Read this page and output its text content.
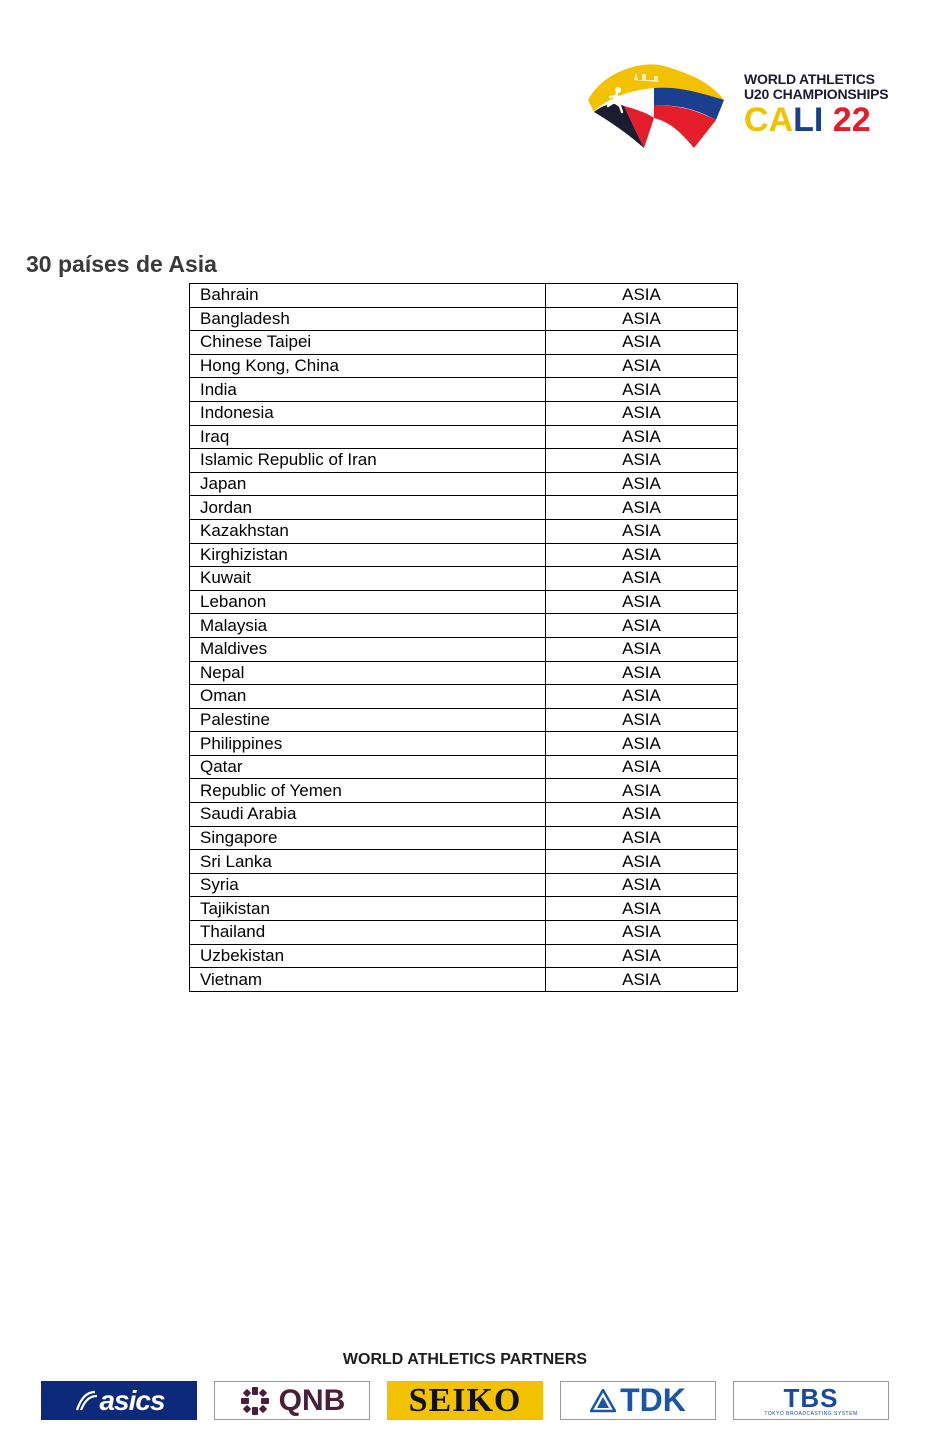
WORLD ATHLETICS
U20 CHAMPIONSHIPS
CALI 22
30 países de Asia
Bahrain	ASIA
Bangladesh	ASIA
Chinese Taipei	ASIA
Hong Kong, China	ASIA
India	ASIA
Indonesia	ASIA
Iraq	ASIA
Islamic Republic of Iran	ASIA
Japan	ASIA
Jordan	ASIA
Kazakhstan	ASIA
Kirghizistan	ASIA
Kuwait	ASIA
Lebanon	ASIA
Malaysia	ASIA
Maldives	ASIA
Nepal	ASIA
Oman	ASIA
Palestine	ASIA
Philippines	ASIA
Qatar	ASIA
Republic of Yemen	ASIA
Saudi Arabia	ASIA
Singapore	ASIA
Sri Lanka	ASIA
Syria	ASIA
Tajikistan	ASIA
Thailand	ASIA
Uzbekistan	ASIA
Vietnam	ASIA
WORLD ATHLETICS PARTNERS
asics	QNB SEIKO	TDK	TBS
TOKYO BROADCASTING SYSTEM
